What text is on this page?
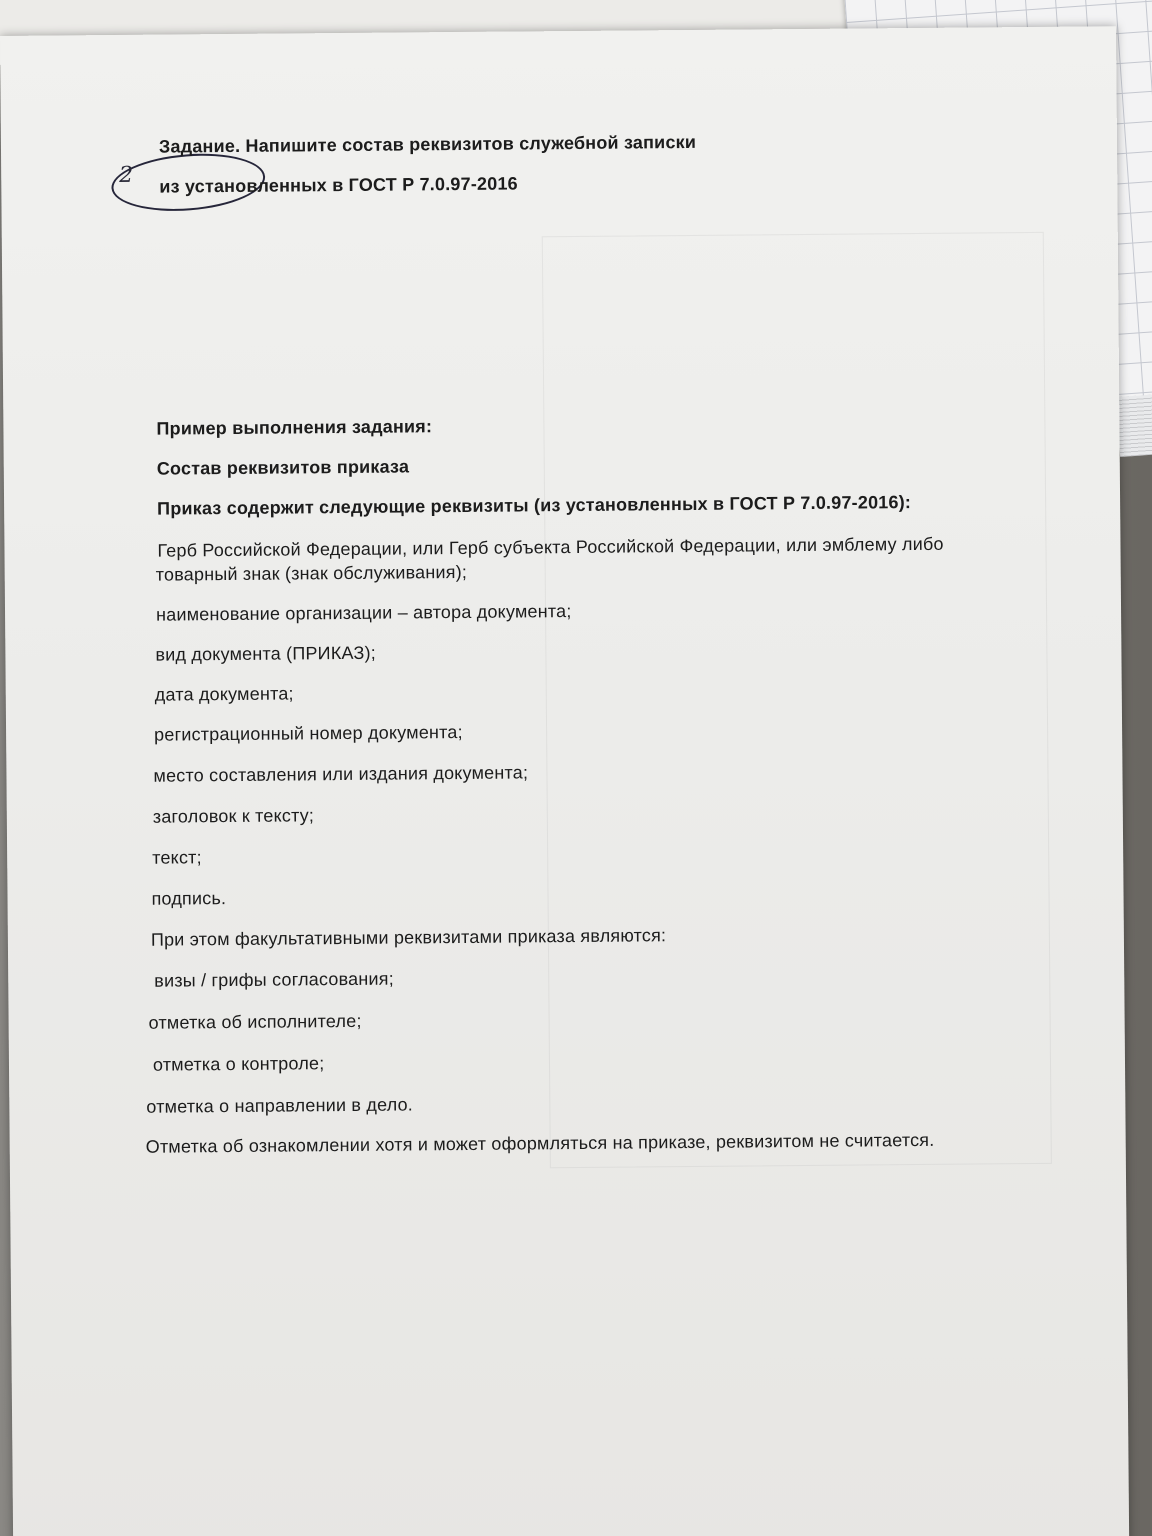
2
Задание. Напишите состав реквизитов служебной записки
из установленных в ГОСТ Р 7.0.97-2016
Пример выполнения задания:
Состав реквизитов приказа
Приказ содержит следующие реквизиты (из установленных в ГОСТ Р 7.0.97-2016):
Герб Российской Федерации, или Герб субъекта Российской Федерации, или эмблему либо
товарный знак (знак обслуживания);
наименование организации – автора документа;
вид документа (ПРИКАЗ);
дата документа;
регистрационный номер документа;
место составления или издания документа;
заголовок к тексту;
текст;
подпись.
При этом факультативными реквизитами приказа являются:
визы / грифы согласования;
отметка об исполнителе;
отметка о контроле;
отметка о направлении в дело.
Отметка об ознакомлении хотя и может оформляться на приказе, реквизитом не считается.
